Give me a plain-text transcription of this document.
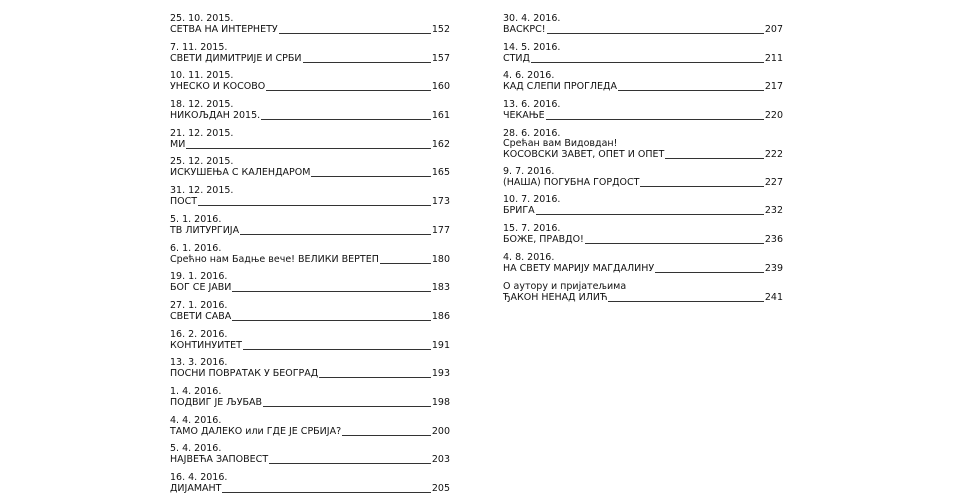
25. 10. 2015.
СЕТВА НА ИНТЕРНЕТУ	152
7. 11. 2015.
СВЕТИ ДИМИТРИЈЕ И СРБИ	157
10. 11. 2015.
УНЕСКО И КОСОВО	160
18. 12. 2015.
НИКОЉДАН 2015.	161
21. 12. 2015.
МИ	162
25. 12. 2015.
ИСКУШЕЊА С КАЛЕНДАРОМ	165
31. 12. 2015.
ПОСТ	173
5. 1. 2016.
ТВ ЛИТУРГИЈА	177
6. 1. 2016.
Срећно нам Бадње вече! ВЕЛИКИ ВЕРТЕП	180
19. 1. 2016.
БОГ СЕ ЈАВИ	183
27. 1. 2016.
СВЕТИ САВА	186
16. 2. 2016.
КОНТИНУИТЕТ	191
13. 3. 2016.
ПОСНИ ПОВРАТАК У БЕОГРАД	193
1. 4. 2016.
ПОДВИГ ЈЕ ЉУБАВ	198
4. 4. 2016.
ТАМО ДАЛЕКО или ГДЕ ЈЕ СРБИЈА?	200
5. 4. 2016.
НАЈВЕЋА ЗАПОВЕСТ	203
16. 4. 2016.
ДИЈАМАНТ	205
30. 4. 2016.
ВАСКРС!	207
14. 5. 2016.
СТИД	211
4. 6. 2016.
КАД СЛЕПИ ПРОГЛЕДА	217
13. 6. 2016.
ЧЕКАЊЕ	220
28. 6. 2016.
Срећан вам Видовдан!
КОСОВСКИ ЗАВЕТ, ОПЕТ И ОПЕТ	222
9. 7. 2016.
(НАША) ПОГУБНА ГОРДОСТ	227
10. 7. 2016.
БРИГА	232
15. 7. 2016.
БОЖЕ, ПРАВДО!	236
4. 8. 2016.
НА СВЕТУ МАРИЈУ МАГДАЛИНУ	239
О аутору и пријатељима
ЂАКОН НЕНАД ИЛИЋ	241
